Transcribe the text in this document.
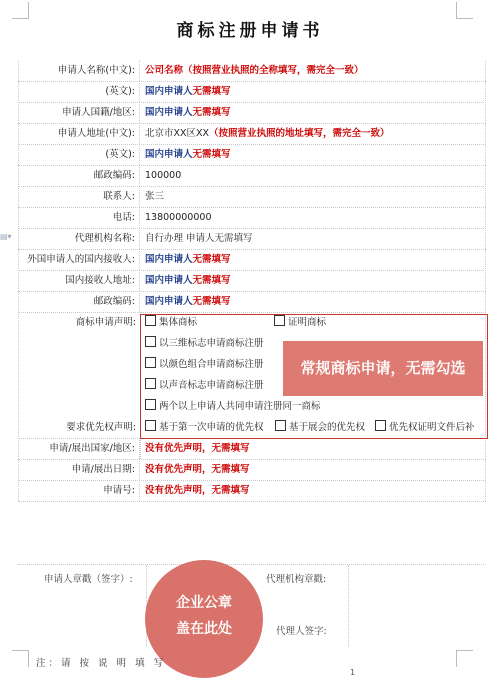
▤▾
商标注册申请书
申请人名称(中文):	公司名称（按照营业执照的全称填写，需完全一致）
(英文):	国内申请人无需填写
申请人国籍/地区:	国内申请人无需填写
申请人地址(中文):	北京市XX区XX（按照营业执照的地址填写，需完全一致）
(英文):	国内申请人无需填写
邮政编码:	100000
联系人:	张三
电话:	13800000000
代理机构名称:	自行办理 申请人无需填写
外国申请人的国内接收人:	国内申请人无需填写
国内接收人地址:	国内申请人无需填写
邮政编码:	国内申请人无需填写
商标申请声明:	集体商标	证明商标
以三维标志申请商标注册
以颜色组合申请商标注册
以声音标志申请商标注册
两个以上申请人共同申请注册同一商标
要求优先权声明:	基于第一次申请的优先权	基于展会的优先权	优先权证明文件后补
申请/展出国家/地区:	没有优先声明，无需填写
申请/展出日期:	没有优先声明，无需填写
申请号:	没有优先声明，无需填写
常规商标申请，无需勾选
申请人章戳（签字）:	代理机构章戳:
代理人签字:
企业公章
盖在此处
注：请 按 说 明 填 写
1
